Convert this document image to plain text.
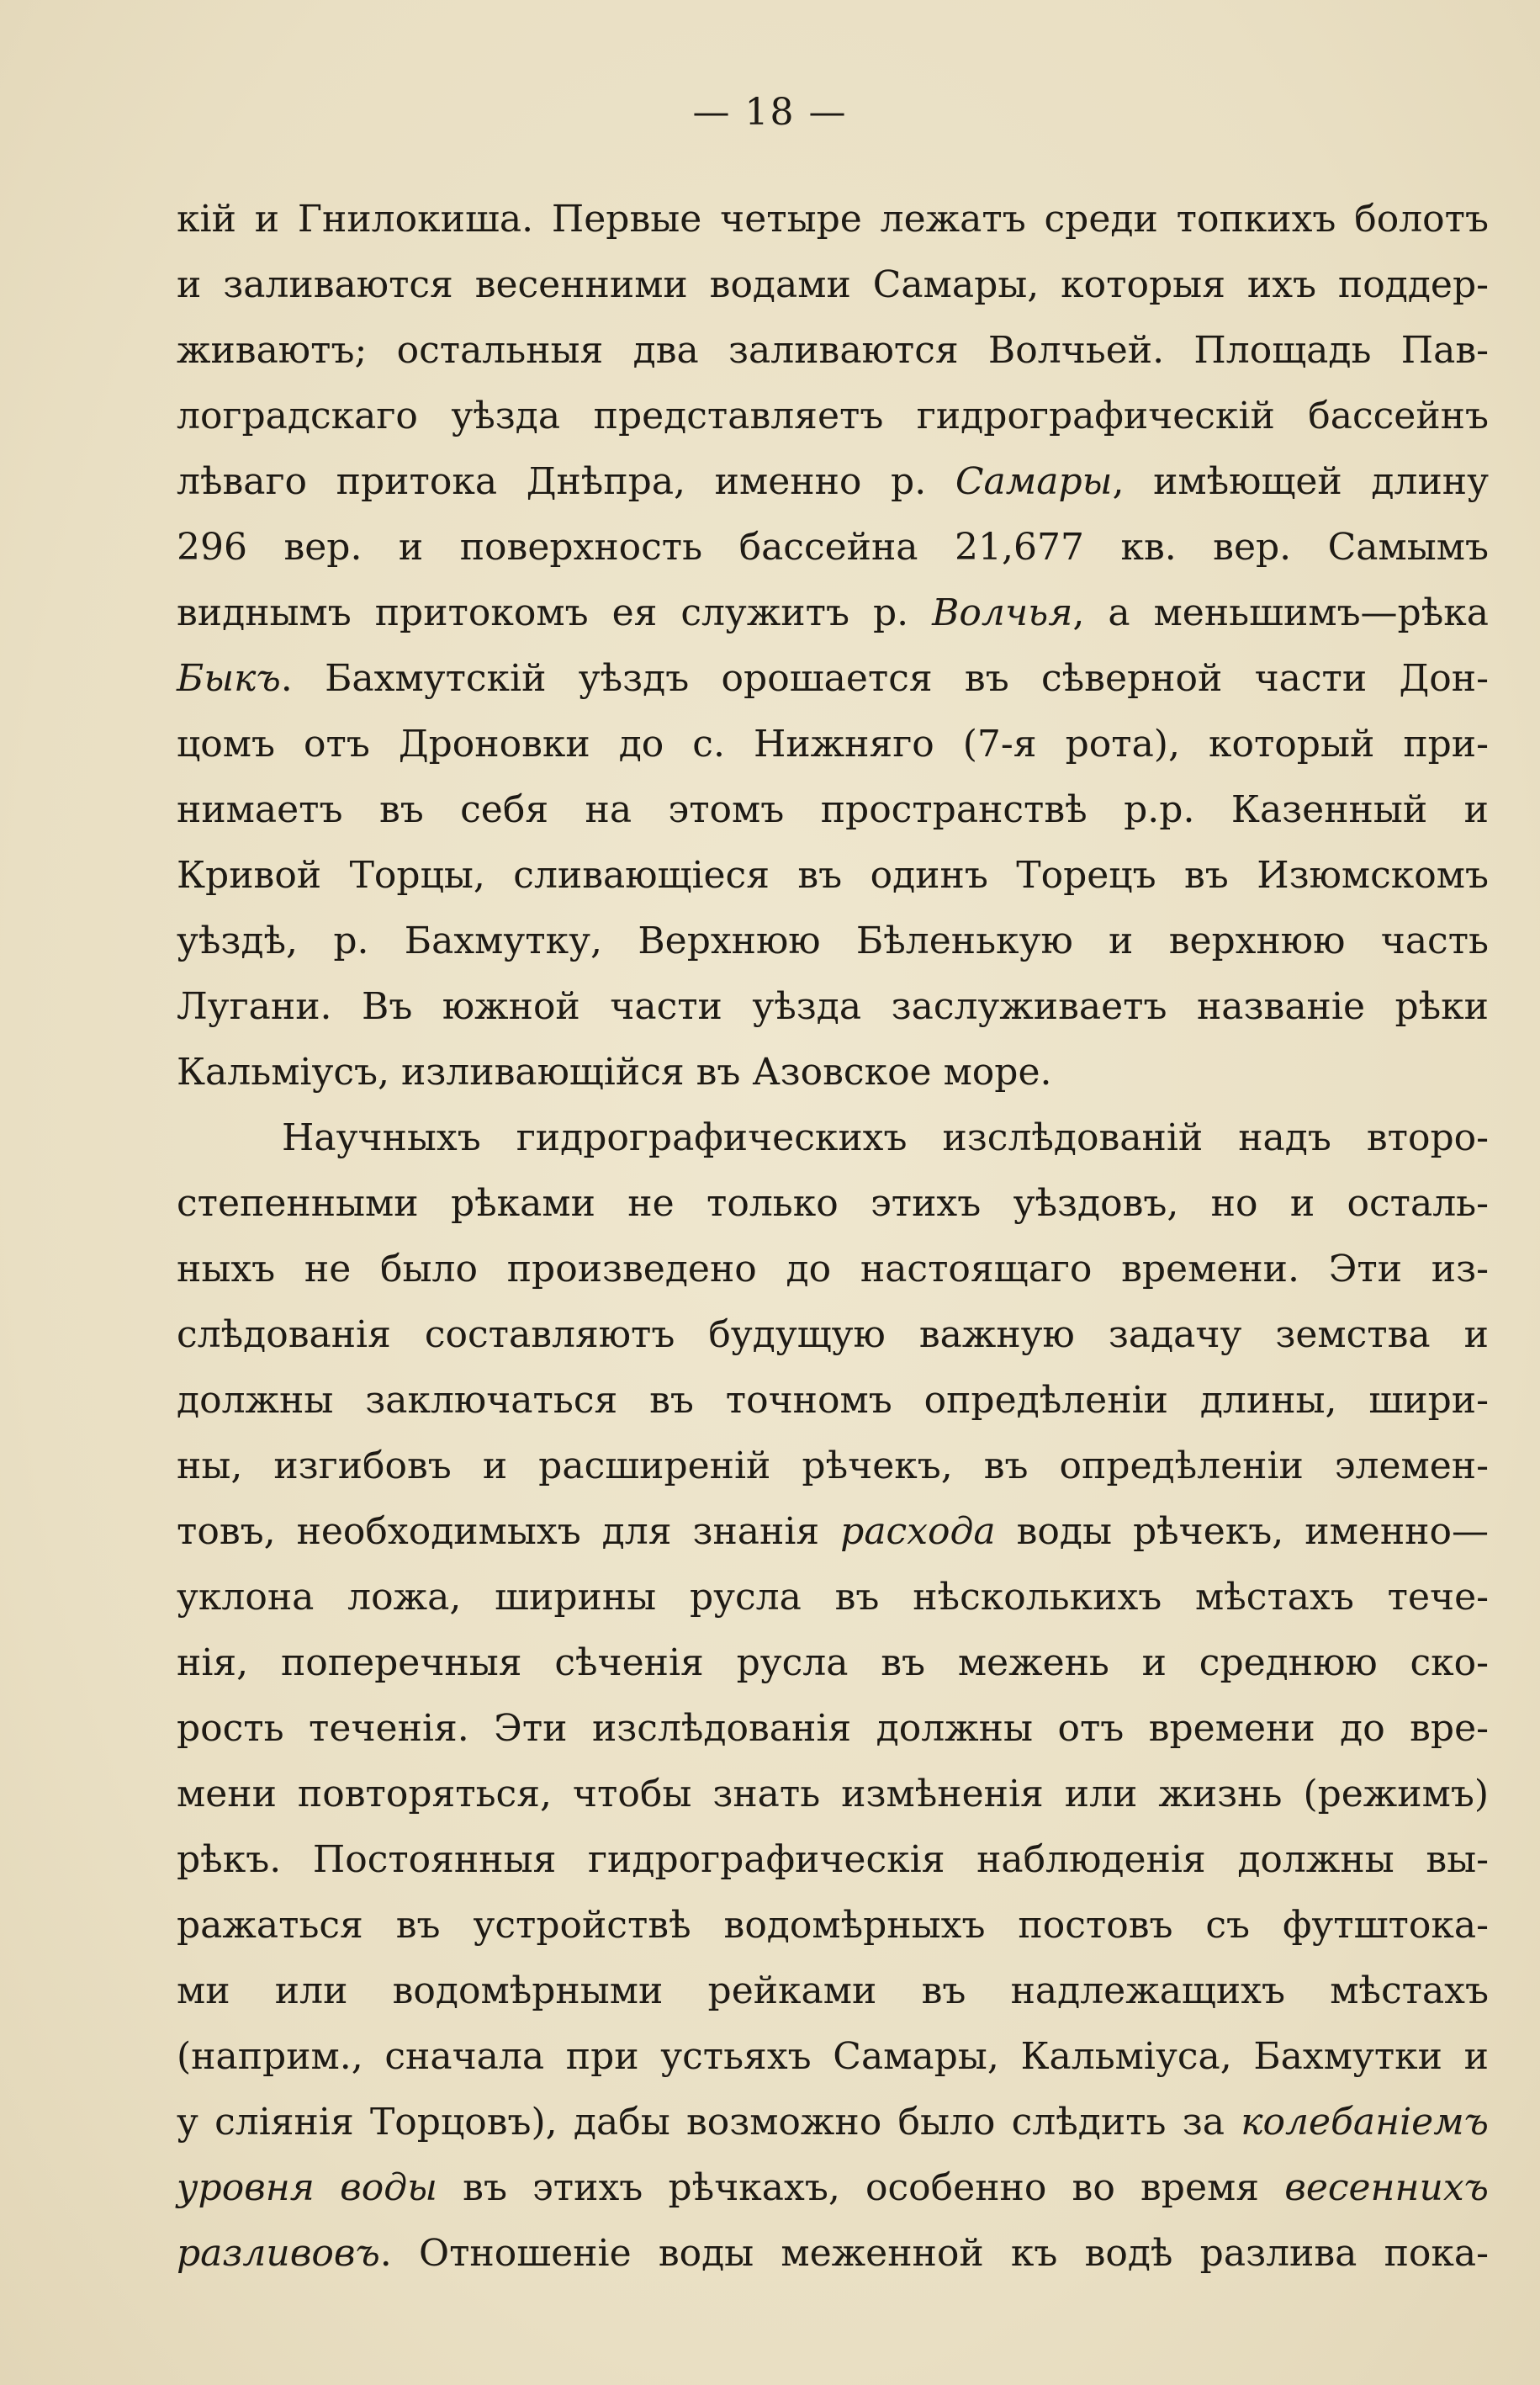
— 18 —
кій и Гнилокиша. Первые четыре лежатъ среди топкихъ болотъ
и заливаются весенними водами Самары, которыя ихъ поддер-
живаютъ; остальныя два заливаются Волчьей. Площадь Пав-
лоградскаго уѣзда представляетъ гидрографическій бассейнъ
лѣваго притока Днѣпра, именно р. Самары, имѣющей длину
296 вер. и поверхность бассейна 21,677 кв. вер. Самымъ
виднымъ притокомъ ея служитъ р. Волчья, а меньшимъ—рѣка
Быкъ. Бахмутскій уѣздъ орошается въ сѣверной части Дон-
цомъ отъ Дроновки до с. Нижняго (7-я рота), который при-
нимаетъ въ себя на этомъ пространствѣ р.р. Казенный и
Кривой Торцы, сливающіеся въ одинъ Торецъ въ Изюмскомъ
уѣздѣ, р. Бахмутку, Верхнюю Бѣленькую и верхнюю часть
Лугани. Въ южной части уѣзда заслуживаетъ названіе рѣки
Кальміусъ, изливающійся въ Азовское море.
Научныхъ гидрографическихъ изслѣдованій надъ второ-
степенными рѣками не только этихъ уѣздовъ, но и осталь-
ныхъ не было произведено до настоящаго времени. Эти из-
слѣдованія составляютъ будущую важную задачу земства и
должны заключаться въ точномъ опредѣленіи длины, шири-
ны, изгибовъ и расширеній рѣчекъ, въ опредѣленіи элемен-
товъ, необходимыхъ для знанія расхода воды рѣчекъ, именно—
уклона ложа, ширины русла въ нѣсколькихъ мѣстахъ тече-
нія, поперечныя сѣченія русла въ межень и среднюю ско-
рость теченія. Эти изслѣдованія должны отъ времени до вре-
мени повторяться, чтобы знать измѣненія или жизнь (режимъ)
рѣкъ. Постоянныя гидрографическія наблюденія должны вы-
ражаться въ устройствѣ водомѣрныхъ постовъ съ футштока-
ми или водомѣрными рейками въ надлежащихъ мѣстахъ
(наприм., сначала при устьяхъ Самары, Кальміуса, Бахмутки и
у сліянія Торцовъ), дабы возможно было слѣдить за колебаніемъ
уровня воды въ этихъ рѣчкахъ, особенно во время весеннихъ
разливовъ. Отношеніе воды меженной къ водѣ разлива пока-
